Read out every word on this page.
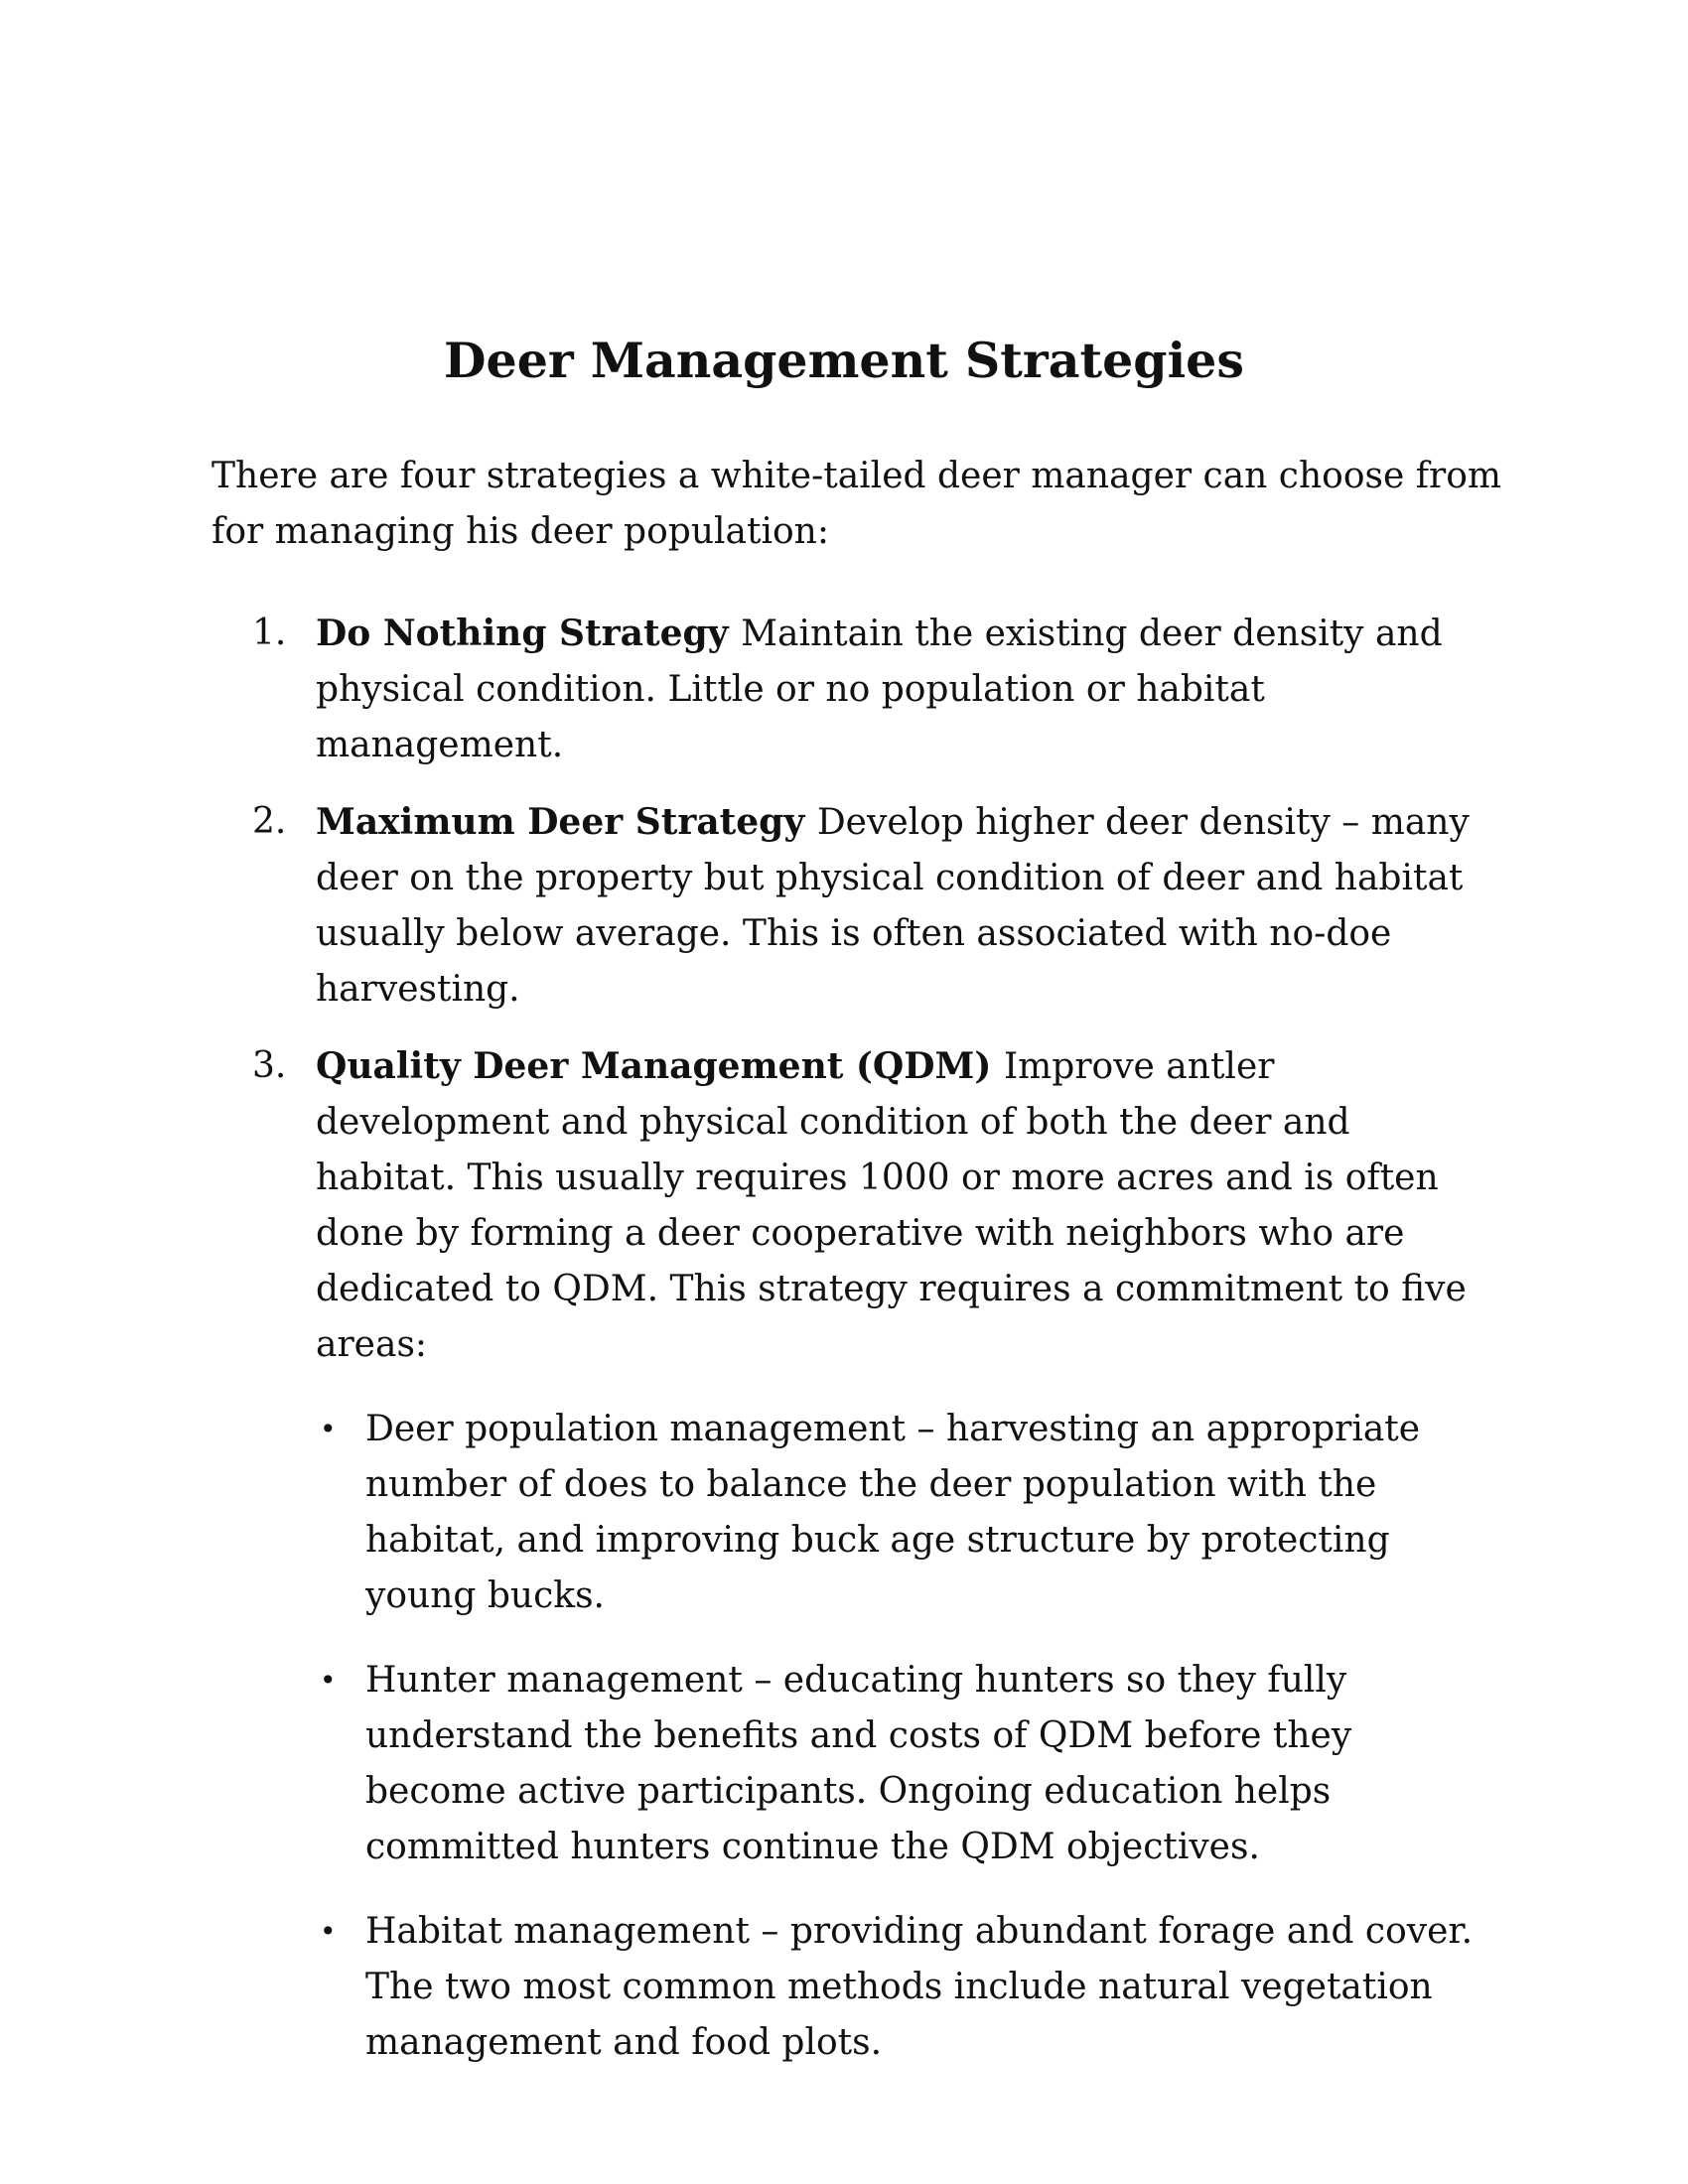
Deer Management Strategies

There are four strategies a white-tailed deer manager can choose from for managing his deer population:

1. Do Nothing Strategy Maintain the existing deer density and physical condition. Little or no population or habitat management.
2. Maximum Deer Strategy Develop higher deer density – many deer on the property but physical condition of deer and habitat usually below average. This is often associated with no-doe harvesting.
3. Quality Deer Management (QDM) Improve antler development and physical condition of both the deer and habitat. This usually requires 1000 or more acres and is often done by forming a deer cooperative with neighbors who are dedicated to QDM. This strategy requires a commitment to five areas:
• Deer population management – harvesting an appropriate number of does to balance the deer population with the habitat, and improving buck age structure by protecting young bucks.
• Hunter management – educating hunters so they fully understand the benefits and costs of QDM before they become active participants. Ongoing education helps committed hunters continue the QDM objectives.
• Habitat management – providing abundant forage and cover. The two most common methods include natural vegetation management and food plots.
